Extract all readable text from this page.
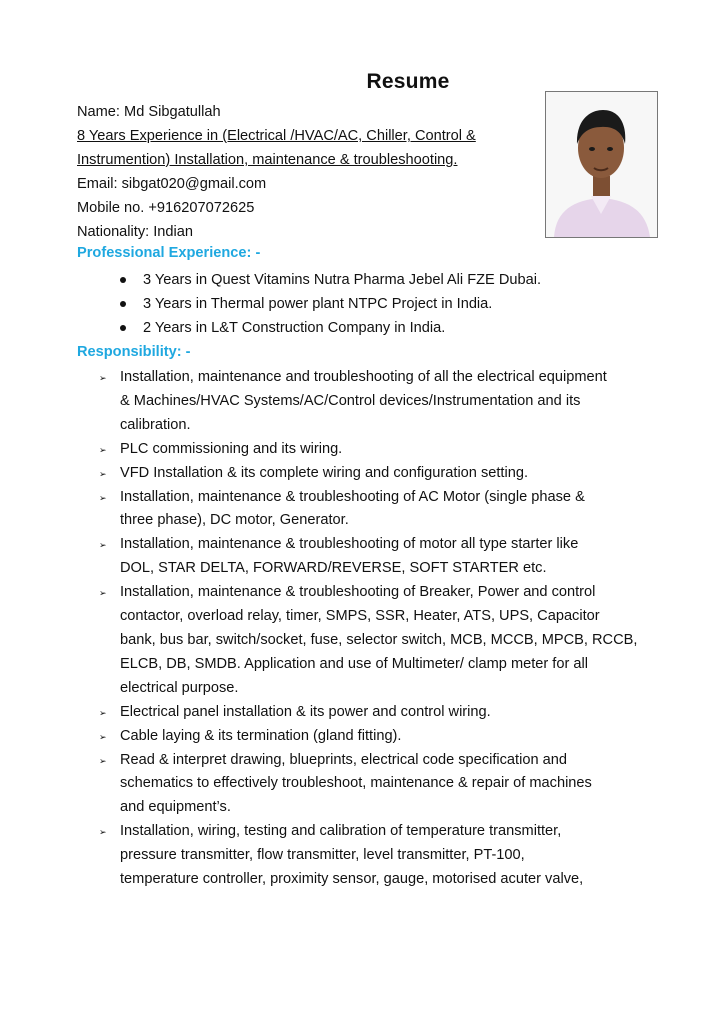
Resume
Name: Md Sibgatullah
8 Years Experience in (Electrical /HVAC/AC, Chiller, Control &
Instrumention) Installation, maintenance & troubleshooting.
Email: sibgat020@gmail.com
Mobile no. +916207072625
Nationality: Indian
Professional Experience: -
3 Years in Quest Vitamins Nutra Pharma Jebel Ali FZE Dubai.
3 Years in Thermal power plant NTPC Project in India.
2 Years in L&T Construction Company in India.
Responsibility: -
➢ Installation, maintenance and troubleshooting of all the electrical equipment
& Machines/HVAC Systems/AC/Control devices/Instrumentation and its
calibration.
➢ PLC commissioning and its wiring.
➢ VFD Installation & its complete wiring and configuration setting.
➢ Installation, maintenance & troubleshooting of AC Motor (single phase &
three phase), DC motor, Generator.
➢ Installation, maintenance & troubleshooting of motor all type starter like
DOL, STAR DELTA, FORWARD/REVERSE, SOFT STARTER etc.
➢ Installation, maintenance & troubleshooting of Breaker, Power and control
contactor, overload relay, timer, SMPS, SSR, Heater, ATS, UPS, Capacitor
bank, bus bar, switch/socket, fuse, selector switch, MCB, MCCB, MPCB, RCCB,
ELCB, DB, SMDB. Application and use of Multimeter/ clamp meter for all
electrical purpose.
➢ Electrical panel installation & its power and control wiring.
➢ Cable laying & its termination (gland fitting).
➢ Read & interpret drawing, blueprints, electrical code specification and
schematics to effectively troubleshoot, maintenance & repair of machines
and equipment’s.
➢ Installation, wiring, testing and calibration of temperature transmitter,
pressure transmitter, flow transmitter, level transmitter, PT-100,
temperature controller, proximity sensor, gauge, motorised acuter valve,
